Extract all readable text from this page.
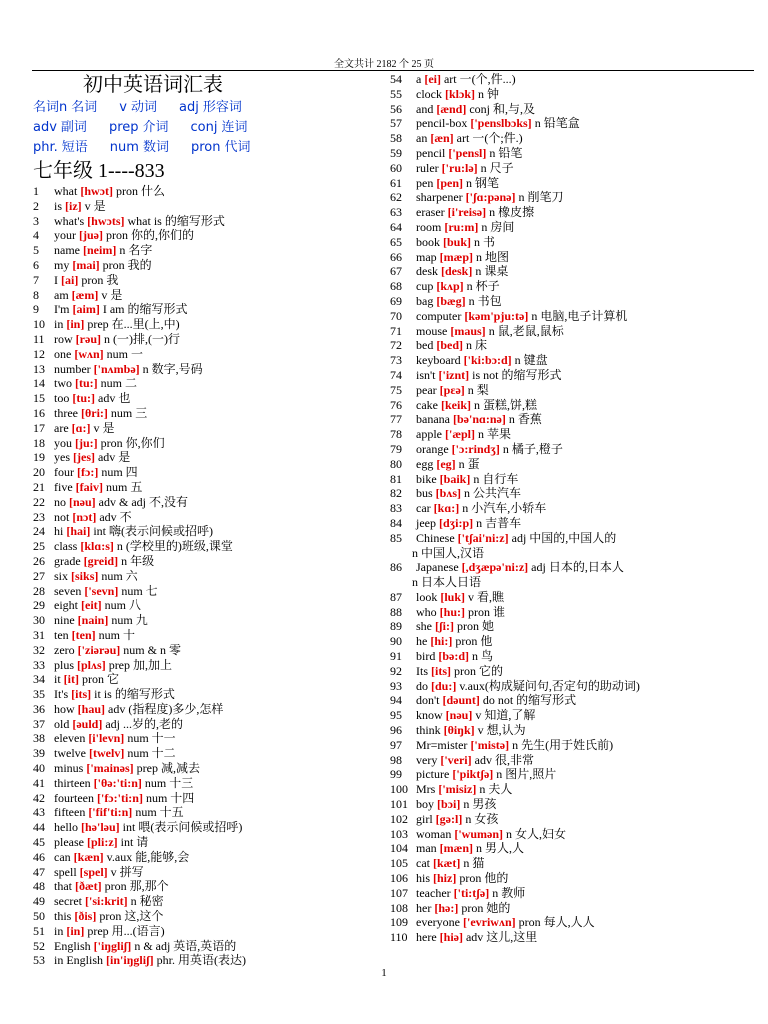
全文共计 2182 个 25 页
初中英语词汇表
名词n 名词 v 动词 adj 形容词
adv 副词 prep 介词 conj 连词
phr. 短语 num 数词 pron 代词
七年级 1----833
1 what [hwɔt] pron 什么
2 is [iz] v 是
3 what's [hwɔts] what is 的缩写形式
4 your [juə] pron 你的,你们的
5 name [neim] n 名字
6 my [mai] pron 我的
7 I [ai] pron 我
8 am [æm] v 是
9 I'm [aim] I am 的缩写形式
10 in [in] prep 在...里(上,中)
11 row [rəu] n (一)排,(一)行
12 one [wʌn] num 一
13 number ['nʌmbə] n 数字,号码
14 two [tu:] num 二
15 too [tu:] adv 也
16 three [θri:] num 三
17 are [ɑ:] v 是
18 you [ju:] pron 你,你们
19 yes [jes] adv 是
20 four [fɔ:] num 四
21 five [faiv] num 五
22 no [nəu] adv & adj 不,没有
23 not [nɔt] adv 不
24 hi [hai] int 嗨(表示问候或招呼)
25 class [klɑ:s] n (学校里的)班级,课堂
26 grade [greid] n 年级
27 six [siks] num 六
28 seven ['sevn] num 七
29 eight [eit] num 八
30 nine [nain] num 九
31 ten [ten] num 十
32 zero ['ziərəu] num & n 零
33 plus [plʌs] prep 加,加上
34 it [it] pron 它
35 It's [its] it is 的缩写形式
36 how [hau] adv (指程度)多少,怎样
37 old [əuld] adj ...岁的,老的
38 eleven [i'levn] num 十一
39 twelve [twelv] num 十二
40 minus ['mainəs] prep 减,减去
41 thirteen ['θə:'ti:n] num 十三
42 fourteen ['fɔ:'ti:n] num 十四
43 fifteen ['fif'ti:n] num 十五
44 hello [hə'ləu] int 喂(表示问候或招呼)
45 please [pli:z] int 请
46 can [kæn] v.aux 能,能够,会
47 spell [spel] v 拼写
48 that [ðæt] pron 那,那个
49 secret ['si:krit] n 秘密
50 this [ðis] pron 这,这个
51 in [in] prep 用...(语言)
52 English ['iŋgliʃ] n & adj 英语,英语的
53 in English [in'iŋgliʃ] phr. 用英语(表达)
54 a [ei] art 一(个,件...)
55 clock [klɔk] n 钟
56 and [ænd] conj 和,与,及
57 pencil-box ['penslbɔks] n 铅笔盒
58 an [æn] art 一(个;件.)
59 pencil ['pensl] n 铅笔
60 ruler ['ru:lə] n 尺子
61 pen [pen] n 钢笔
62 sharpener ['ʃɑ:pənə] n 削笔刀
63 eraser [i'reisə] n 橡皮擦
64 room [ru:m] n 房间
65 book [buk] n 书
66 map [mæp] n 地图
67 desk [desk] n 课桌
68 cup [kʌp] n 杯子
69 bag [bæg] n 书包
70 computer [kəm'pju:tə] n 电脑,电子计算机
71 mouse [maus] n 鼠,老鼠,鼠标
72 bed [bed] n 床
73 keyboard ['ki:bɔ:d] n 键盘
74 isn't ['iznt] is not 的缩写形式
75 pear [pɛə] n 梨
76 cake [keik] n 蛋糕,饼,糕
77 banana [bə'nɑ:nə] n 香蕉
78 apple ['æpl] n 苹果
79 orange ['ɔ:rindʒ] n 橘子,橙子
80 egg [eg] n 蛋
81 bike [baik] n 自行车
82 bus [bʌs] n 公共汽车
83 car [kɑ:] n 小汽车,小轿车
84 jeep [dʒi:p] n 吉普车
85 Chinese ['tʃai'ni:z] adj 中国的,中国人的
n 中国人,汉语
86 Japanese [,dʒæpə'ni:z] adj 日本的,日本人
n 日本人日语
87 look [luk] v 看,瞧
88 who [hu:] pron 谁
89 she [ʃi:] pron 她
90 he [hi:] pron 他
91 bird [bə:d] n 鸟
92 Its [its] pron 它的
93 do [du:] v.aux(构成疑问句,否定句的助动词)
94 don't [dəunt] do not 的缩写形式
95 know [nəu] v 知道,了解
96 think [θiŋk] v 想,认为
97 Mr=mister ['mistə] n 先生(用于姓氏前)
98 very ['veri] adv 很,非常
99 picture ['piktʃə] n 图片,照片
100 Mrs ['misiz] n 夫人
101 boy [bɔi] n 男孩
102 girl [gə:l] n 女孩
103 woman ['wumən] n 女人,妇女
104 man [mæn] n 男人,人
105 cat [kæt] n 猫
106 his [hiz] pron 他的
107 teacher ['ti:tʃə] n 教师
108 her [hə:] pron 她的
109 everyone ['evriwʌn] pron 每人,人人
110 here [hiə] adv 这儿,这里
1
